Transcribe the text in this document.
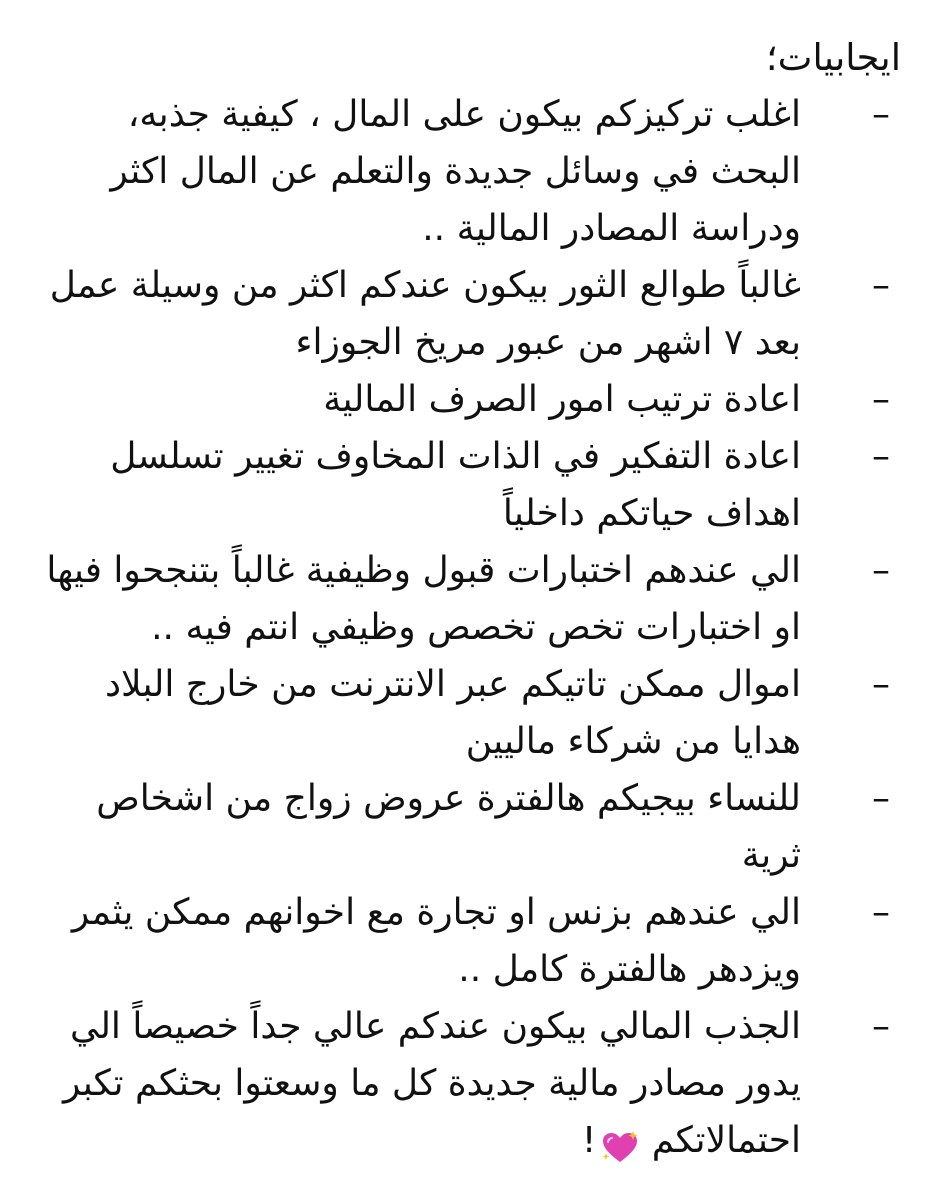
ايجابيات؛
–
اغلب تركيزكم بيكون على المال ، كيفية جذبه، البحث في وسائل جديدة والتعلم عن المال اكثر ودراسة المصادر المالية ..
–
غالباً طوالع الثور بيكون عندكم اكثر من وسيلة عمل بعد ٧ اشهر من عبور مريخ الجوزاء
–
اعادة ترتيب امور الصرف المالية
–
اعادة التفكير في الذات المخاوف تغيير تسلسل اهداف حياتكم داخلياً
–
الي عندهم اختبارات قبول وظيفية غالباً بتنجحوا فيها او اختبارات تخص تخصص وظيفي انتم فيه ..
–
اموال ممكن تاتيكم عبر الانترنت من خارج البلاد هدايا من شركاء ماليين
–
للنساء بيجيكم هالفترة عروض زواج من اشخاص ثرية
–
الي عندهم بزنس او تجارة مع اخوانهم ممكن يثمر ويزدهر هالفترة كامل ..
–
الجذب المالي بيكون عندكم عالي جداً خصيصاً الي يدور مصادر مالية جديدة كل ما وسعتوا بحثكم تكبر احتمالاتكم !
